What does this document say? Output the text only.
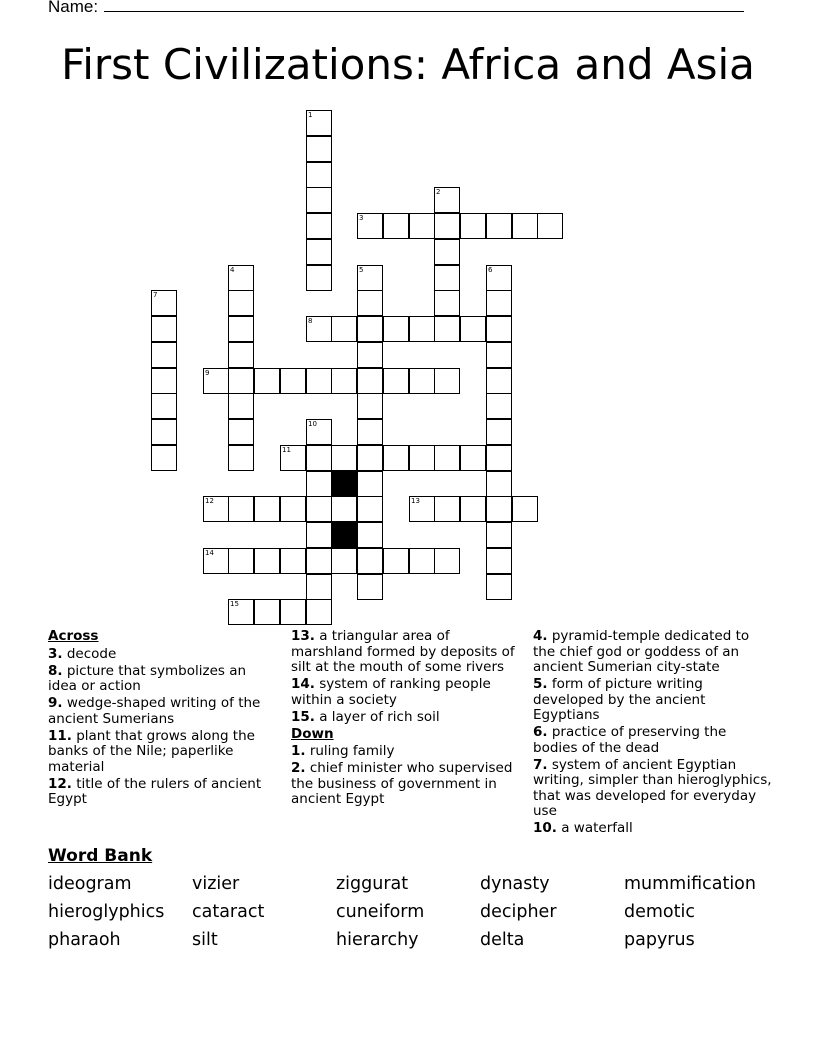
Name:
First Civilizations: Africa and Asia
1
2
3
4	5	6
7
8
9
10
11
12	13
14
15
Across
3. decode
8. picture that symbolizes an idea or action
9. wedge-shaped writing of the ancient Sumerians
11. plant that grows along the banks of the Nile; paperlike material
12. title of the rulers of ancient Egypt
13. a triangular area of marshland formed by deposits of silt at the mouth of some rivers
14. system of ranking people within a society
15. a layer of rich soil
Down
1. ruling family
2. chief minister who supervised the business of government in ancient Egypt
4. pyramid-temple dedicated to the chief god or goddess of an ancient Sumerian city-state
5. form of picture writing developed by the ancient Egyptians
6. practice of preserving the bodies of the dead
7. system of ancient Egyptian writing, simpler than hieroglyphics, that was developed for everyday use
10. a waterfall
Word Bank
ideogram	vizier	ziggurat	dynasty	mummification
hieroglyphics cataract	cuneiform	decipher	demotic
pharaoh	silt	hierarchy	delta	papyrus
